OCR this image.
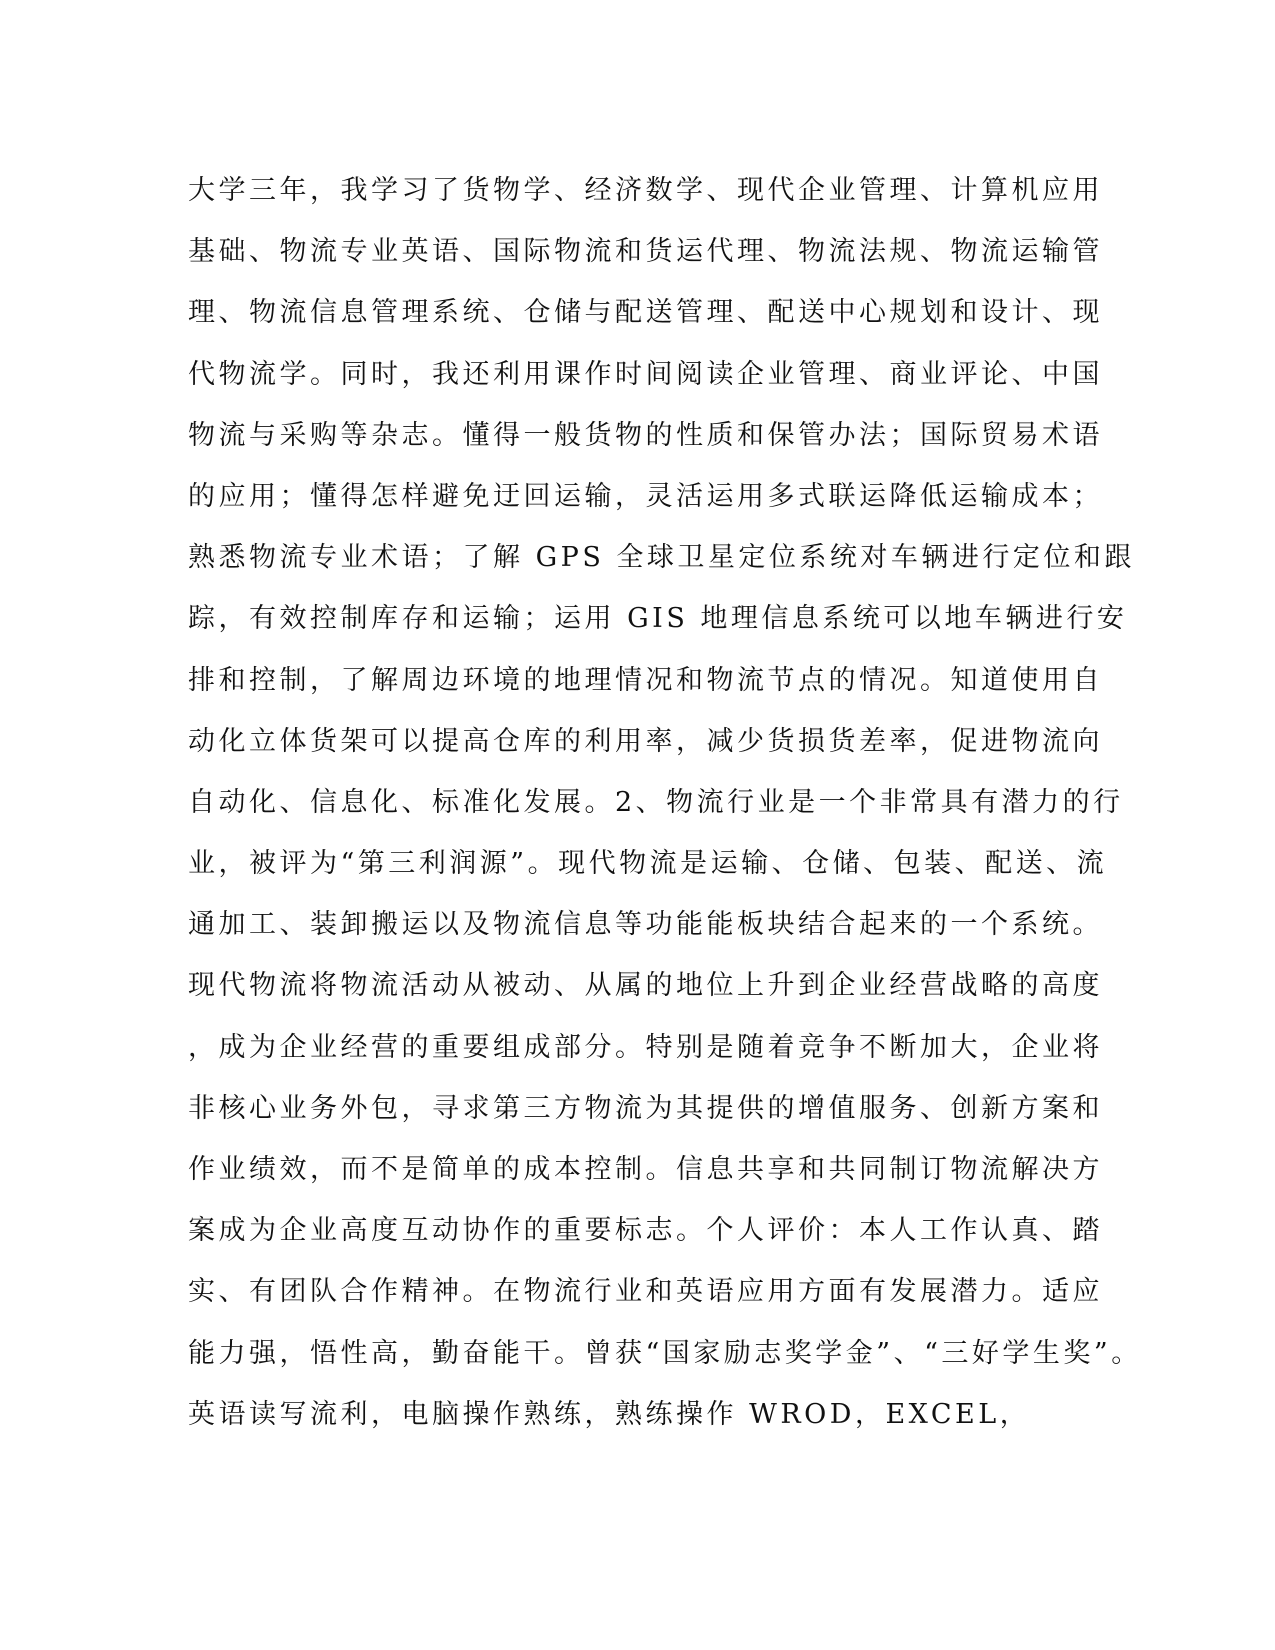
大学三年，我学习了货物学、经济数学、现代企业管理、计算机应用
基础、物流专业英语、国际物流和货运代理、物流法规、物流运输管
理、物流信息管理系统、仓储与配送管理、配送中心规划和设计、现
代物流学。同时，我还利用课作时间阅读企业管理、商业评论、中国
物流与采购等杂志。懂得一般货物的性质和保管办法；国际贸易术语
的应用；懂得怎样避免迂回运输，灵活运用多式联运降低运输成本；
熟悉物流专业术语；了解 GPS 全球卫星定位系统对车辆进行定位和跟
踪，有效控制库存和运输；运用 GIS 地理信息系统可以地车辆进行安
排和控制，了解周边环境的地理情况和物流节点的情况。知道使用自
动化立体货架可以提高仓库的利用率，减少货损货差率，促进物流向
自动化、信息化、标准化发展。2、物流行业是一个非常具有潜力的行
业，被评为“第三利润源”。现代物流是运输、仓储、包装、配送、流
通加工、装卸搬运以及物流信息等功能能板块结合起来的一个系统。
现代物流将物流活动从被动、从属的地位上升到企业经营战略的高度
，成为企业经营的重要组成部分。特别是随着竞争不断加大，企业将
非核心业务外包，寻求第三方物流为其提供的增值服务、创新方案和
作业绩效，而不是简单的成本控制。信息共享和共同制订物流解决方
案成为企业高度互动协作的重要标志。个人评价：本人工作认真、踏
实、有团队合作精神。在物流行业和英语应用方面有发展潜力。适应
能力强，悟性高，勤奋能干。曾获“国家励志奖学金”、“三好学生奖”。
英语读写流利，电脑操作熟练，熟练操作 WROD，EXCEL，
